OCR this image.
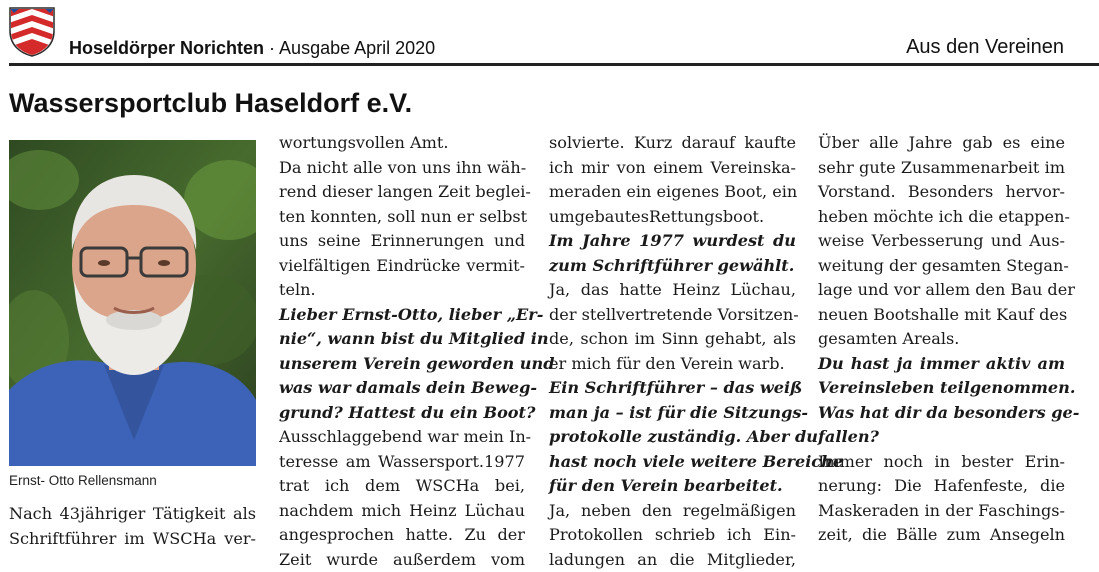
Hoseldörper Norichten · Ausgabe April 2020	Aus den Vereinen
Wassersportclub Haseldorf e.V.
Ernst- Otto Rellensmann
Nach 43jähriger Tätigkeit als
Schriftführer im WSCHa ver-
wortungsvollen Amt.
Da nicht alle von uns ihn wäh-
rend dieser langen Zeit beglei-
ten konnten, soll nun er selbst
uns seine Erinnerungen und
vielfältigen Eindrücke vermit-
teln.
Lieber Ernst-Otto, lieber „Er-
nie“, wann bist du Mitglied in
unserem Verein geworden und
was war damals dein Beweg-
grund? Hattest du ein Boot?
Ausschlaggebend war mein In-
teresse am Wassersport.1977
trat ich dem WSCHa bei,
nachdem mich Heinz Lüchau
angesprochen hatte. Zu der
Zeit wurde außerdem vom
solvierte. Kurz darauf kaufte
ich mir von einem Vereinska-
meraden ein eigenes Boot, ein
umgebautesRettungsboot.
Im Jahre 1977 wurdest du
zum Schriftführer gewählt.
Ja, das hatte Heinz Lüchau,
der stellvertretende Vorsitzen-
de, schon im Sinn gehabt, als
er mich für den Verein warb.
Ein Schriftführer – das weiß
man ja – ist für die Sitzungs-
protokolle zuständig. Aber du
hast noch viele weitere Bereiche
für den Verein bearbeitet.
Ja, neben den regelmäßigen
Protokollen schrieb ich Ein-
ladungen an die Mitglieder,
Über alle Jahre gab es eine
sehr gute Zusammenarbeit im
Vorstand. Besonders hervor-
heben möchte ich die etappen-
weise Verbesserung und Aus-
weitung der gesamten Stegan-
lage und vor allem den Bau der
neuen Bootshalle mit Kauf des
gesamten Areals.
Du hast ja immer aktiv am
Vereinsleben teilgenommen.
Was hat dir da besonders ge-
fallen?
Immer noch in bester Erin-
nerung: Die Hafenfeste, die
Maskeraden in der Faschings-
zeit, die Bälle zum Ansegeln
